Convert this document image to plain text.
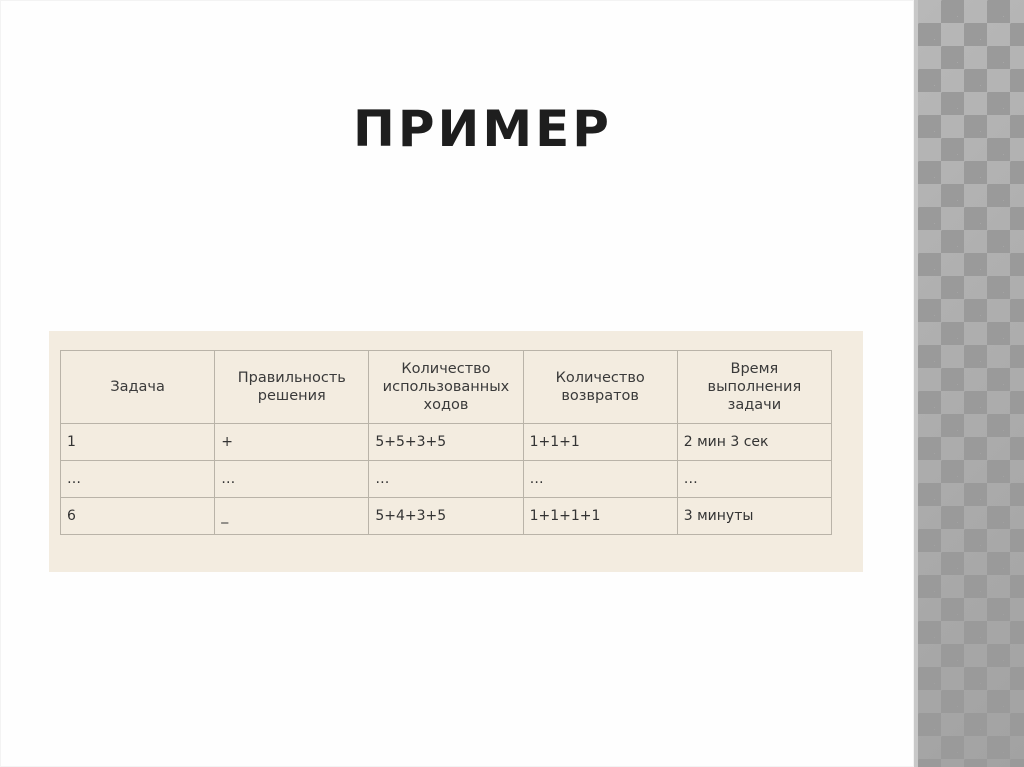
ПРИМЕР
Задача	Правильность решения	Количество использованных ходов	Количество возвратов	Время выполнения задачи
1	+	5+5+3+5	1+1+1	2 мин 3 сек
…	…	…	…	…
6	_	5+4+3+5	1+1+1+1	3 минуты
